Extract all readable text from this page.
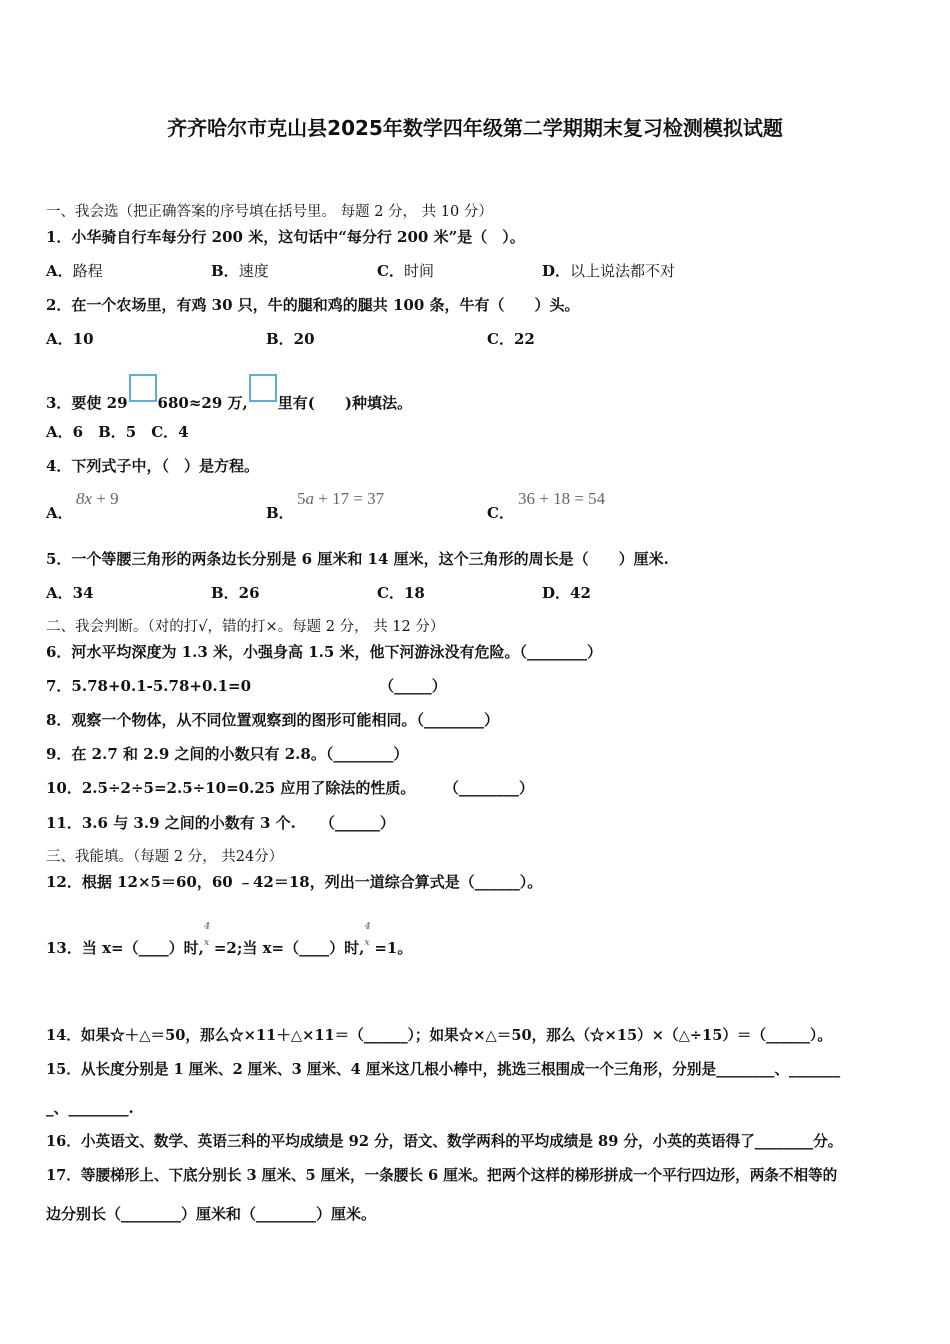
齐齐哈尔市克山县2025年数学四年级第二学期期末复习检测模拟试题
一、我会选（把正确答案的序号填在括号里。 每题 2 分， 共 10 分）
1．小华骑自行车每分行 200 米，这句话中“每分行 200 米”是（　）。
A．路程	B．速度	C．时间	D．以上说法都不对
2．在一个农场里，有鸡 30 只，牛的腿和鸡的腿共 100 条，牛有（　　）头。
A．10	B．20	C．22
3．要使 29 680≈29 万, 里有(　　)种填法。
A．6　B．5　C．4
4．下列式子中，（　）是方程。
A．
8x + 9
B．
5a + 17 = 37
C．
36 + 18 = 54
5．一个等腰三角形的两条边长分别是 6 厘米和 14 厘米，这个三角形的周长是（　　）厘米.
A．34	B．26	C．18	D．42
二、我会判断。（对的打√，错的打×。每题 2 分， 共 12 分）
6．河水平均深度为 1.3 米，小强身高 1.5 米，他下河游泳没有危险。（________）
7．5.78+0.1-5.78+0.1=0	（_____）
8．观察一个物体，从不同位置观察到的图形可能相同。（________）
9．在 2.7 和 2.9 之间的小数只有 2.8。（________）
10．2.5÷2÷5=2.5÷10=0.25 应用了除法的性质。 （________）
11．3.6 与 3.9 之间的小数有 3 个. （______）
三、我能填。（每题 2 分， 共24分）
12．根据 12×5＝60，60 ﹣42＝18，列出一道综合算式是（______）。
13．当 x=（____）时,
4
x =2;当 x=（____）时,
4
x =1。
14．如果☆＋△＝50，那么☆×11＋△×11＝（______）；如果☆×△＝50，那么（☆×15）×（△÷15）＝（______）。
15．从长度分别是 1 厘米、2 厘米、3 厘米、4 厘米这几根小棒中，挑选三根围成一个三角形，分别是________、_______
_、________.
16．小英语文、数学、英语三科的平均成绩是 92 分，语文、数学两科的平均成绩是 89 分，小英的英语得了________分。
17．等腰梯形上、下底分别长 3 厘米、5 厘米，一条腰长 6 厘米。把两个这样的梯形拼成一个平行四边形，两条不相等的
边分别长（________）厘米和（________）厘米。
